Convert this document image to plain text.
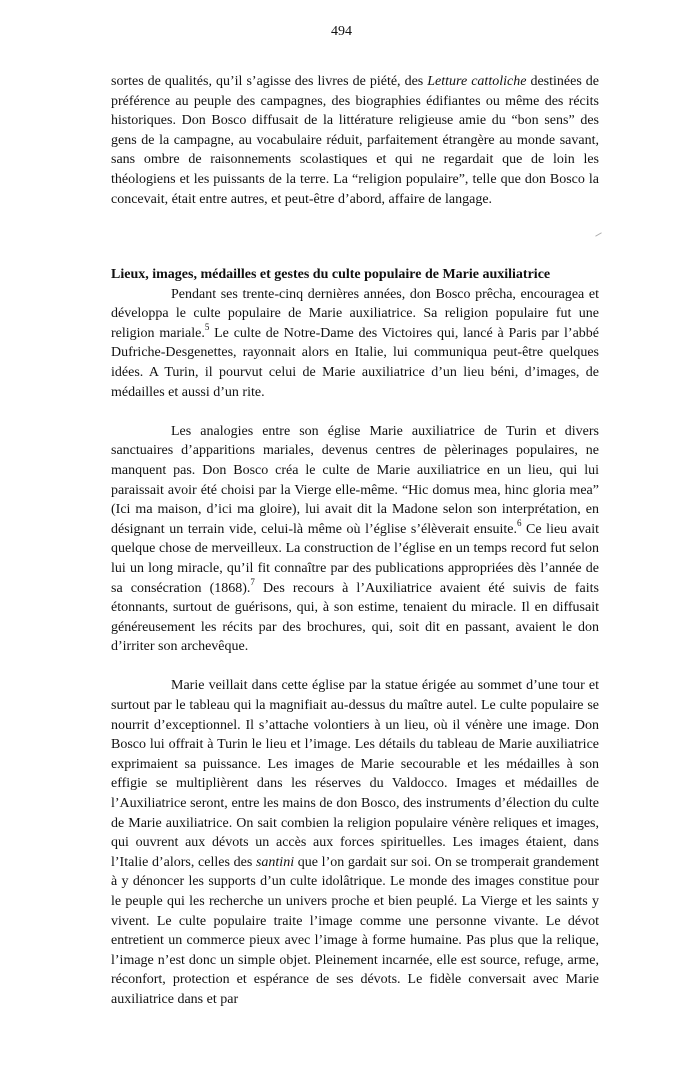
494

sortes de qualités, qu’il s’agisse des livres de piété, des Letture cattoliche destinées de préférence au peuple des campagnes, des biographies édifiantes ou même des récits historiques. Don Bosco diffusait de la littérature religieuse amie du “bon sens” des gens de la campagne, au vocabulaire réduit, parfaitement étrangère au monde savant, sans ombre de raisonnements scolastiques et qui ne regardait que de loin les théologiens et les puissants de la terre. La “religion populaire”, telle que don Bosco la concevait, était entre autres, et peut-être d’abord, affaire de langage.

Lieux, images, médailles et gestes du culte populaire de Marie auxiliatrice

Pendant ses trente-cinq dernières années, don Bosco prêcha, encouragea et développa le culte populaire de Marie auxiliatrice. Sa religion populaire fut une religion mariale.$^5$ Le culte de Notre-Dame des Victoires qui, lancé à Paris par l’abbé Dufriche-Desgenettes, rayonnait alors en Italie, lui communiqua peut-être quelques idées. A Turin, il pourvut celui de Marie auxiliatrice d’un lieu béni, d’images, de médailles et aussi d’un rite.

Les analogies entre son église Marie auxiliatrice de Turin et divers sanctuaires d’apparitions mariales, devenus centres de pèlerinages populaires, ne manquent pas. Don Bosco créa le culte de Marie auxiliatrice en un lieu, qui lui paraissait avoir été choisi par la Vierge elle-même. “Hic domus mea, hinc gloria mea” (Ici ma maison, d’ici ma gloire), lui avait dit la Madone selon son interprétation, en désignant un terrain vide, celui-là même où l’église s’élèverait ensuite.$^6$ Ce lieu avait quelque chose de merveilleux. La construction de l’église en un temps record fut selon lui un long miracle, qu’il fit connaître par des publications appropriées dès l’année de sa consécration (1868).$^7$ Des recours à l’Auxiliatrice avaient été suivis de faits étonnants, surtout de guérisons, qui, à son estime, tenaient du miracle. Il en diffusait généreusement les récits par des brochures, qui, soit dit en passant, avaient le don d’irriter son archevêque.

Marie veillait dans cette église par la statue érigée au sommet d’une tour et surtout par le tableau qui la magnifiait au-dessus du maître autel. Le culte populaire se nourrit d’exceptionnel. Il s’attache volontiers à un lieu, où il vénère une image. Don Bosco lui offrait à Turin le lieu et l’image. Les détails du tableau de Marie auxiliatrice exprimaient sa puissance. Les images de Marie secourable et les médailles à son effigie se multiplièrent dans les réserves du Valdocco. Images et médailles de l’Auxiliatrice seront, entre les mains de don Bosco, des instruments d’élection du culte de Marie auxiliatrice. On sait combien la religion populaire vénère reliques et images, qui ouvrent aux dévots un accès aux forces spirituelles. Les images étaient, dans l’Italie d’alors, celles des santini que l’on gardait sur soi. On se tromperait grandement à y dénoncer les supports d’un culte idolâtrique. Le monde des images constitue pour le peuple qui les recherche un univers proche et bien peuplé. La Vierge et les saints y vivent. Le culte populaire traite l’image comme une personne vivante. Le dévot entretient un commerce pieux avec l’image à forme humaine. Pas plus que la relique, l’image n’est donc un simple objet. Pleinement incarnée, elle est source, refuge, arme, réconfort, protection et espérance de ses dévots. Le fidèle conversait avec Marie auxiliatrice dans et par
